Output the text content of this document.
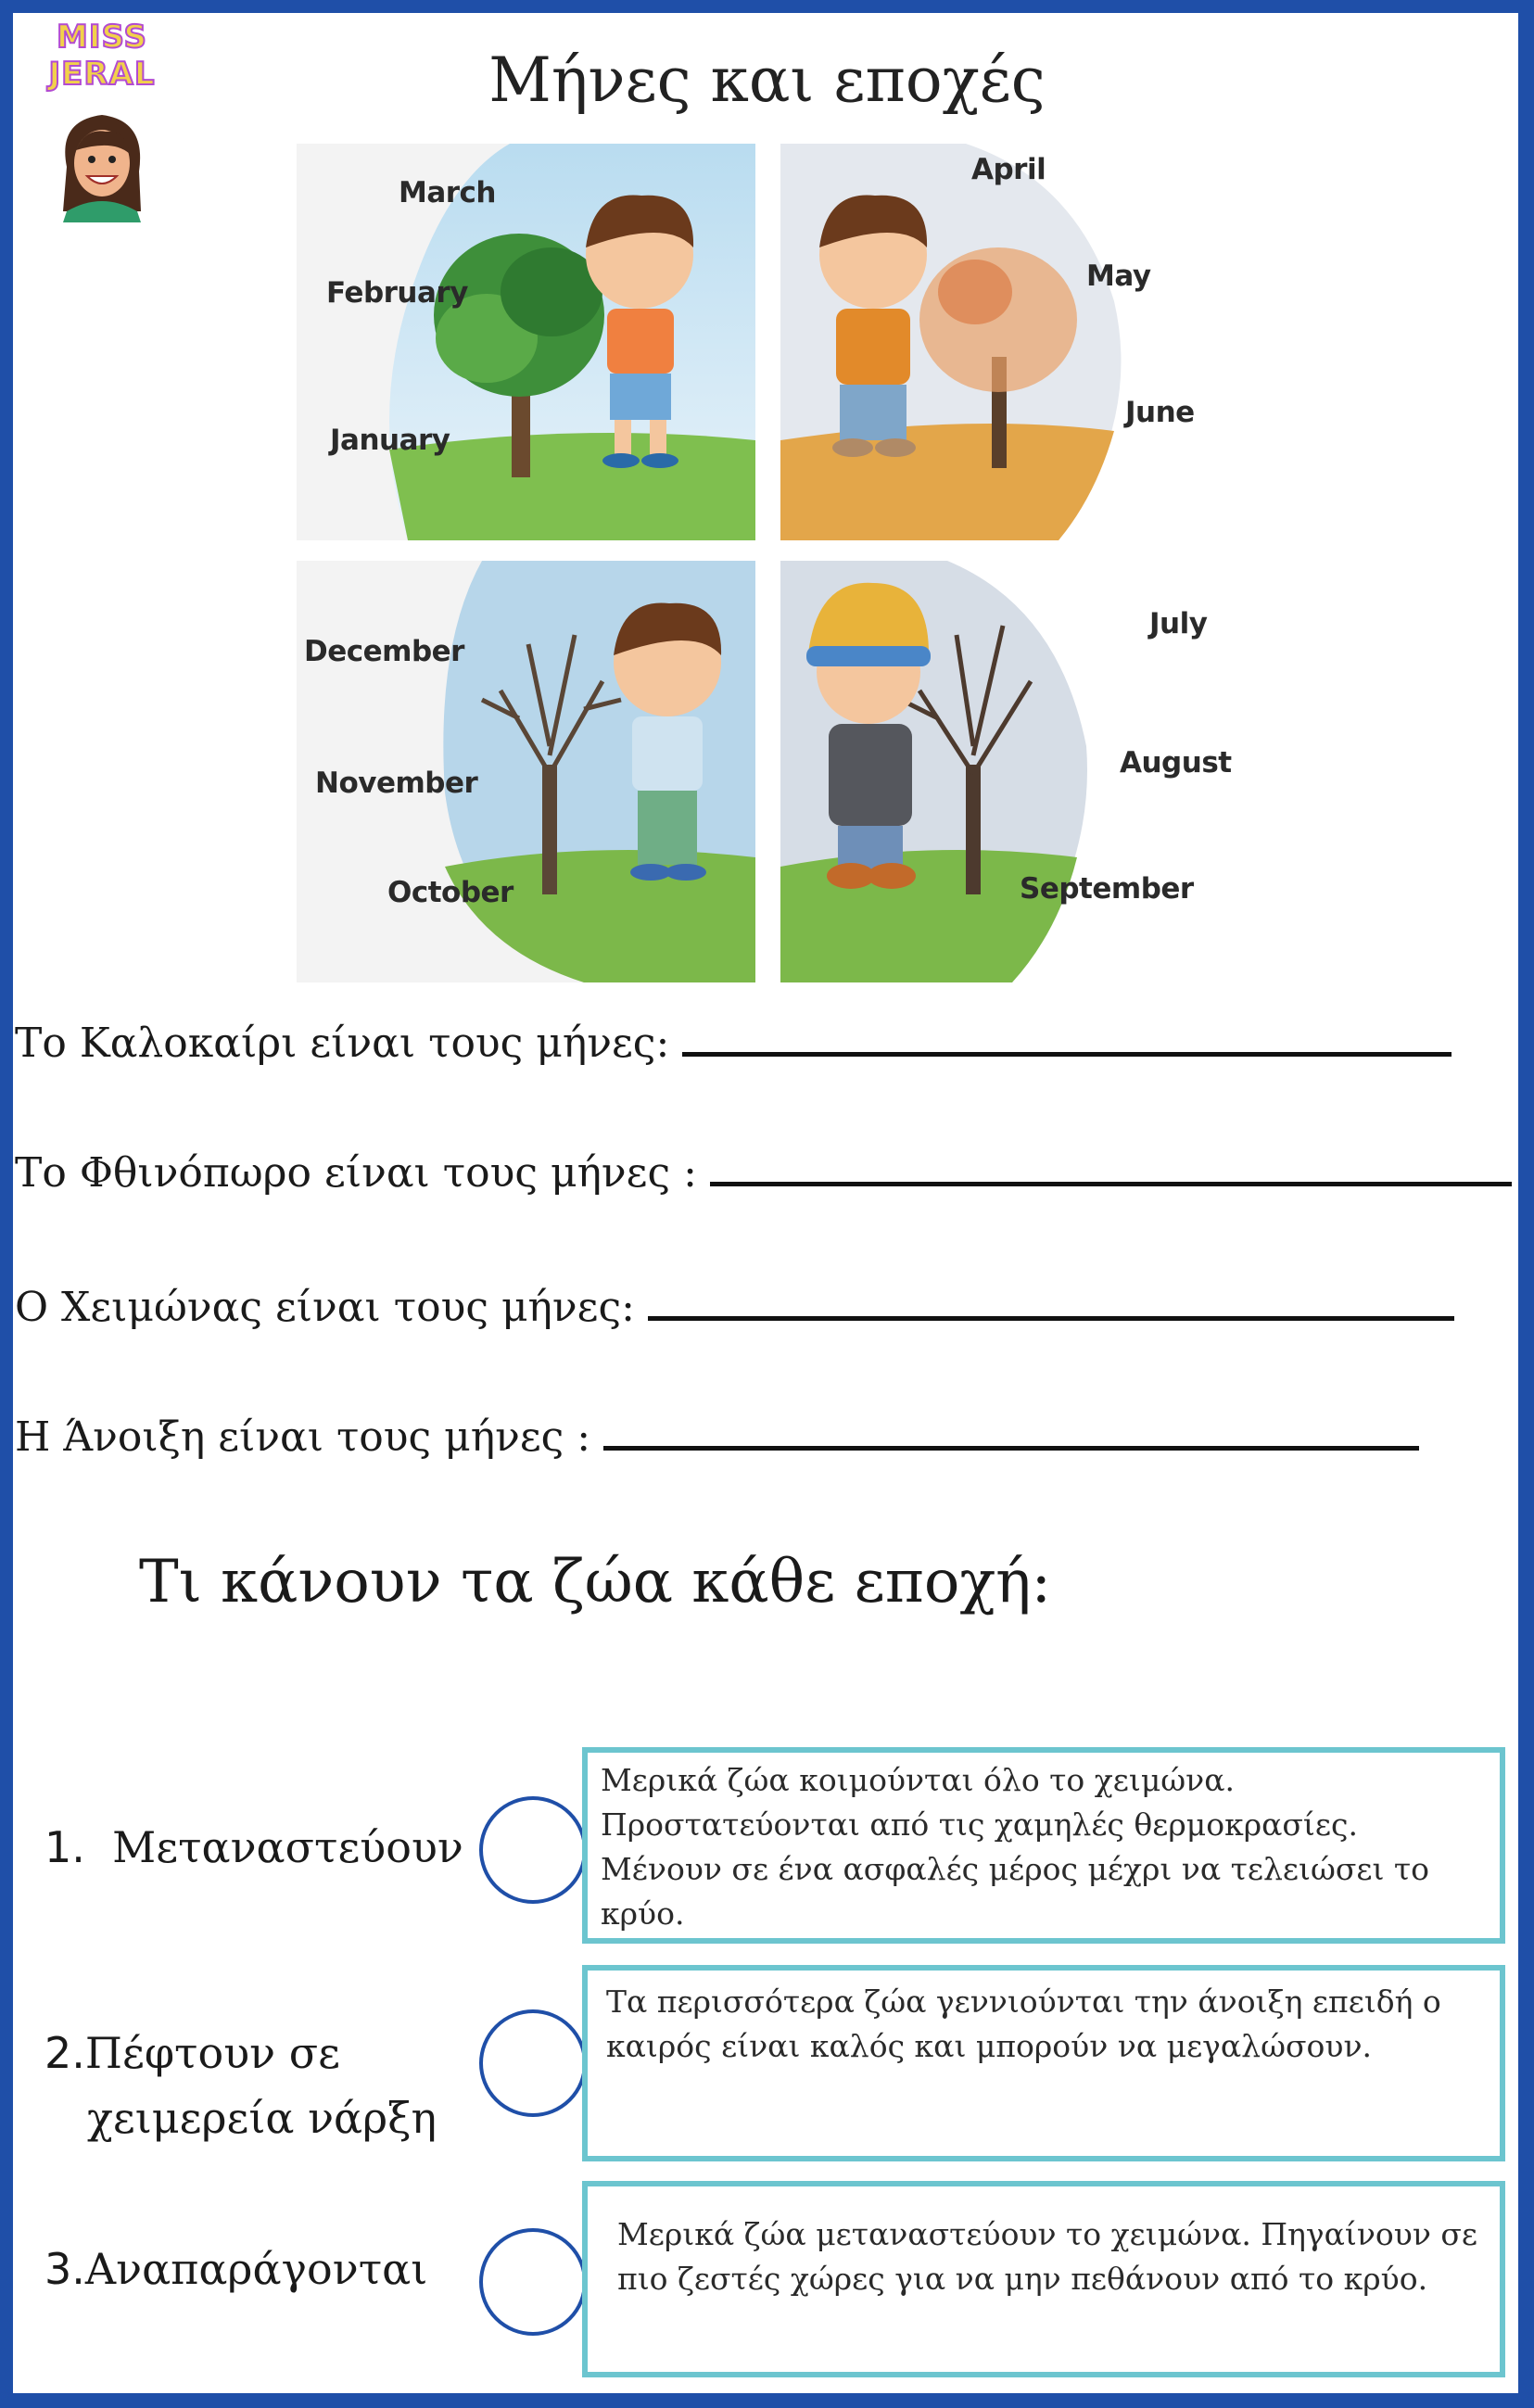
MISS
JERAL	Μήνες και εποχές
March
February
January
April
May
June
December
November
October
July
August
September
Το Καλοκαίρι είναι τους μήνες:
Το Φθινόπωρο είναι τους μήνες :
Ο Χειμώνας είναι τους μήνες:
Η Άνοιξη είναι τους μήνες :
Τι κάνουν τα ζώα κάθε εποχή:
1. Μεταναστεύουν
2.Πέφτουν σε
χειμερεία νάρξη
3.Αναπαράγονται
Μερικά ζώα κοιμούνται όλο το χειμώνα. Προστατεύονται από τις χαμηλές θερμοκρασίες. Μένουν σε ένα ασφαλές μέρος μέχρι να τελειώσει το κρύο.
Τα περισσότερα ζώα γεννιούνται την άνοιξη επειδή ο καιρός είναι καλός και μπορούν να μεγαλώσουν.
Μερικά ζώα μεταναστεύουν το χειμώνα. Πηγαίνουν σε πιο ζεστές χώρες για να μην πεθάνουν από το κρύο.
